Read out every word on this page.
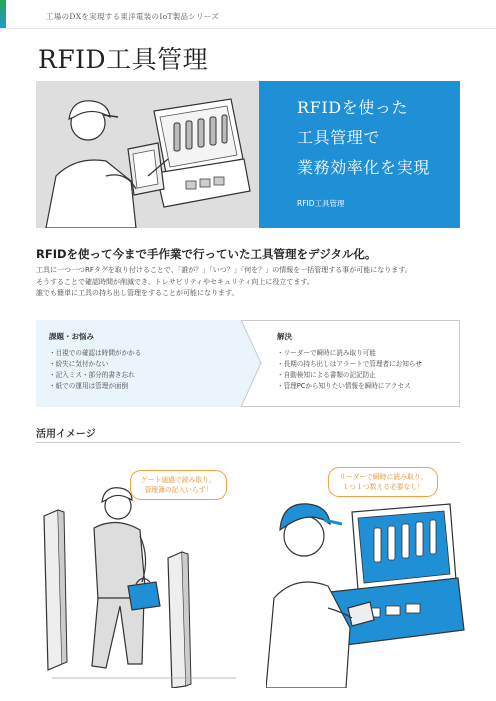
工場のDXを実現する東洋電装のIoT製品シリーズ
RFID工具管理
RFIDを使った
工具管理で
業務効率化を実現
RFID工具管理
RFIDを使って今まで手作業で行っていた工具管理をデジタル化。

工具に一つ一つRFタグを取り付けることで、「誰が？」「いつ？」「何を？」の情報を一括管理する事が可能になります。

そうすることで確認時間が削減でき、トレサビリティやセキュリティ向上に役立てます。

誰でも簡単に工具の持ち出し管理をすることが可能になります。

課題・お悩み
・目視での確認は時間がかかる
・紛失に気付かない
・記入ミス・部分的書き忘れ
・紙での運用は管理が面倒
解決
・リーダーで瞬時に読み取り可能
・長期の持ち出しはアラートで管理者にお知らせ
・自動検知による書類の記記防止
・管理PCから知りたい情報を瞬時にアクセス
活用イメージ
ゲート通過で読み取り。
管理簿の記入いらず！
リーダーで瞬時に読み取り。
１つ１つ数える必要なし！
